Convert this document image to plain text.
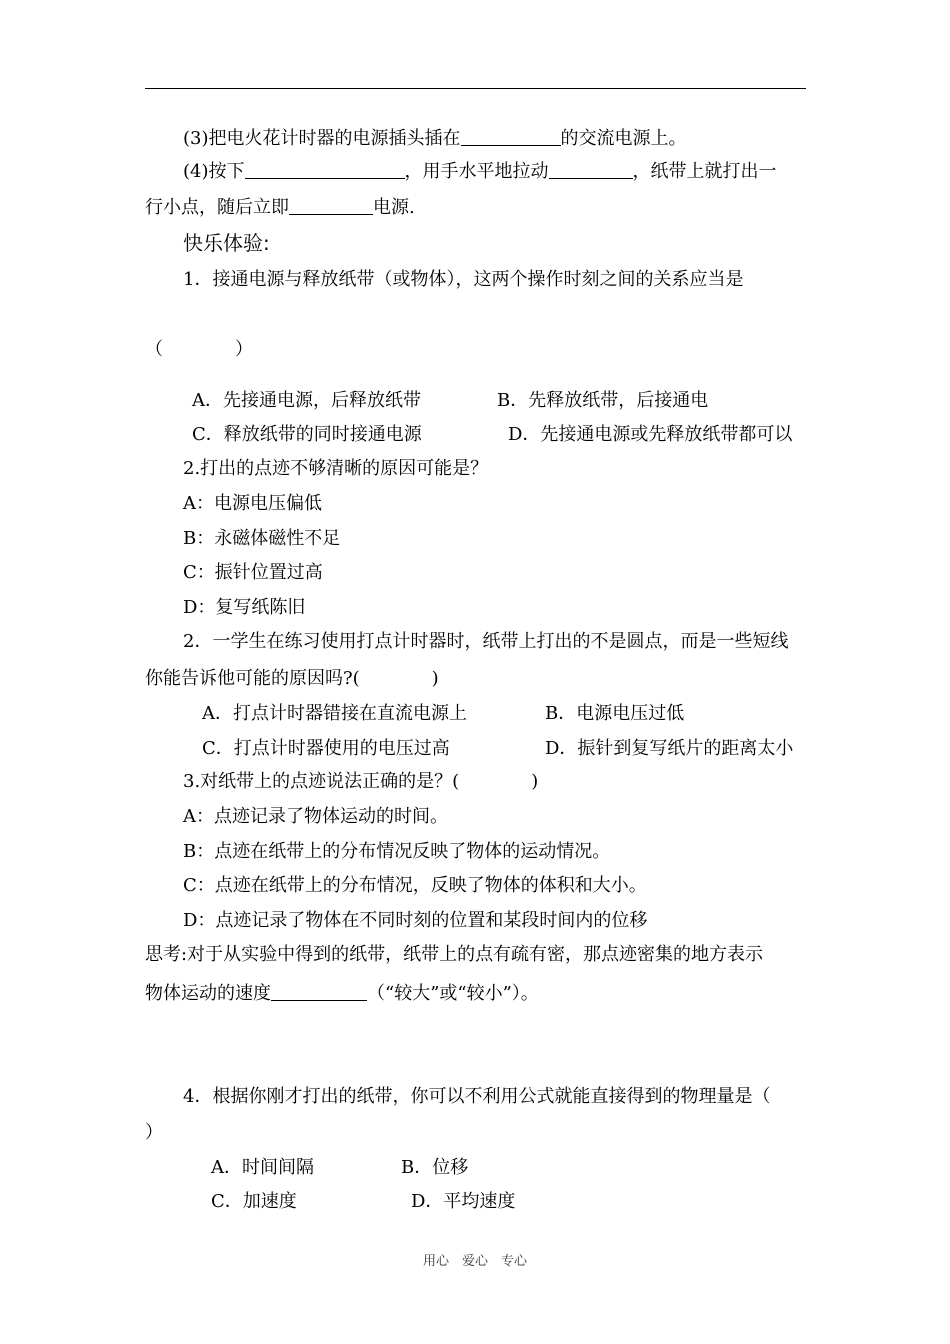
(3)把电火花计时器的电源插头插在	的交流电源上。
(4)按下	，用手水平地拉动	，纸带上就打出一
行小点，随后立即	电源.
快乐体验:
1．接通电源与释放纸带（或物体），这两个操作时刻之间的关系应当是
（　　　　）
A．先接通电源，后释放纸带	B．先释放纸带，后接通电
C．释放纸带的同时接通电源	D．先接通电源或先释放纸带都可以
2.打出的点迹不够清晰的原因可能是？
A：电源电压偏低
B：永磁体磁性不足
C：振针位置过高
D：复写纸陈旧
2．一学生在练习使用打点计时器时，纸带上打出的不是圆点，而是一些短线
你能告诉他可能的原因吗?(　　　　)
A．打点计时器错接在直流电源上	B．电源电压过低
C．打点计时器使用的电压过高	D．振针到复写纸片的距离太小
3.对纸带上的点迹说法正确的是？(　　　　)
A：点迹记录了物体运动的时间。
B：点迹在纸带上的分布情况反映了物体的运动情况。
C：点迹在纸带上的分布情况，反映了物体的体积和大小。
D：点迹记录了物体在不同时刻的位置和某段时间内的位移
思考:对于从实验中得到的纸带，纸带上的点有疏有密，那点迹密集的地方表示
物体运动的速度	（“较大”或“较小”）。
4．根据你刚才打出的纸带，你可以不利用公式就能直接得到的物理量是（
）
A．时间间隔	B．位移
C．加速度	D．平均速度
用心　爱心　专心
